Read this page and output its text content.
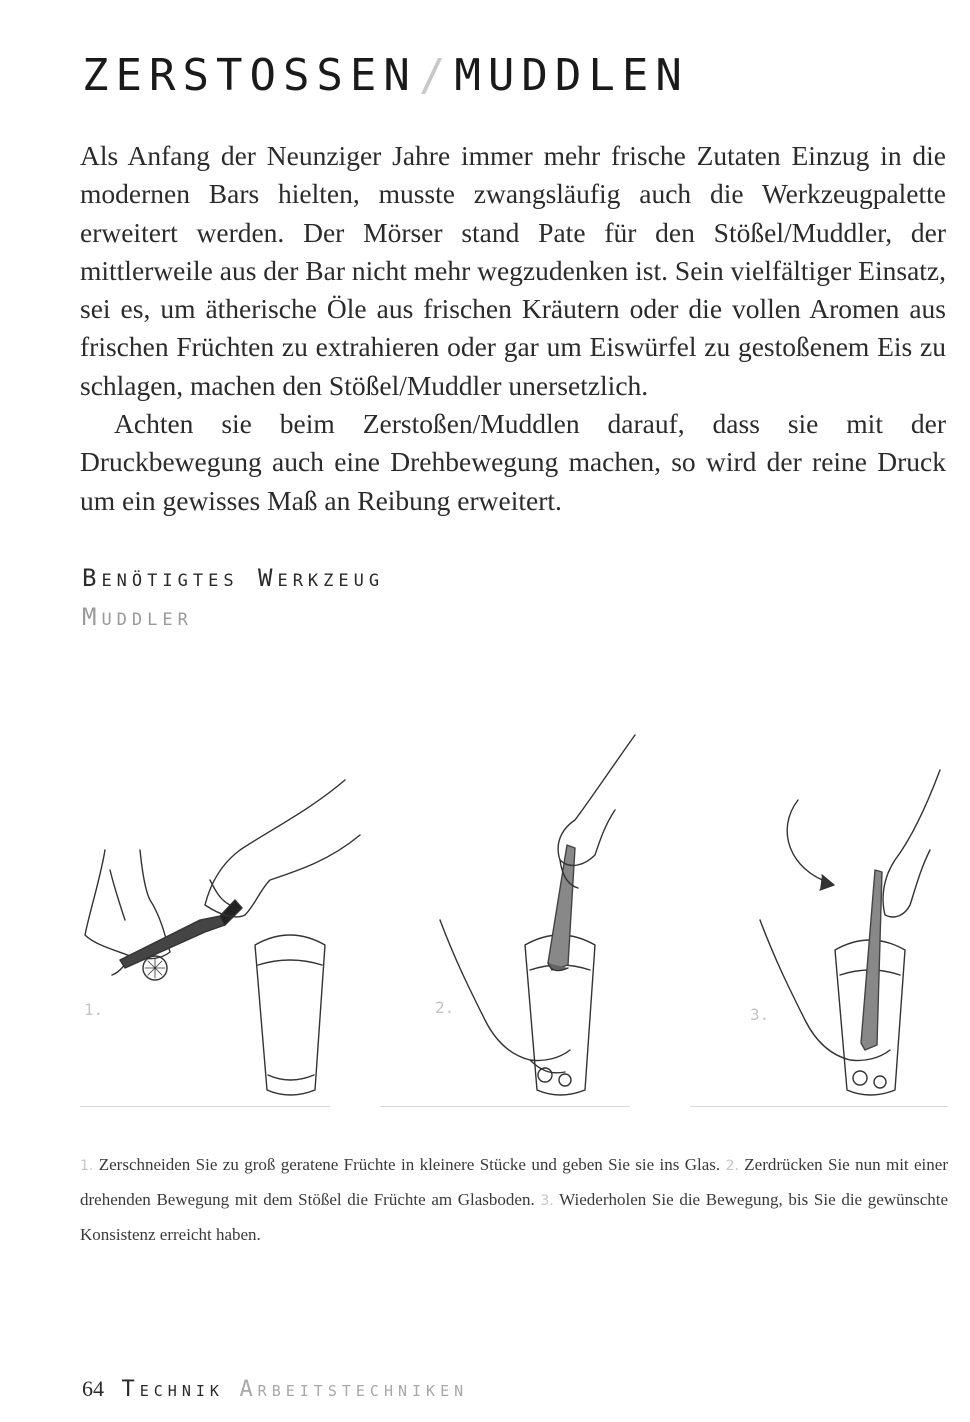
ZERSTOSSEN/MUDDLEN

Als Anfang der Neunziger Jahre immer mehr frische Zutaten Einzug in die modernen Bars hielten, musste zwangsläufig auch die Werkzeugpalette erweitert werden. Der Mörser stand Pate für den Stößel/Muddler, der mittlerweile aus der Bar nicht mehr wegzudenken ist. Sein vielfältiger Einsatz, sei es, um ätherische Öle aus frischen Kräutern oder die vollen Aromen aus frischen Früchten zu extrahieren oder gar um Eiswürfel zu gestoßenem Eis zu schlagen, machen den Stößel/Muddler unersetzlich.

Achten sie beim Zerstoßen/Muddlen darauf, dass sie mit der Druckbewegung auch eine Drehbewegung machen, so wird der reine Druck um ein gewisses Maß an Reibung erweitert.

Benötigtes Werkzeug
Muddler
1.	2.	3.
1. Zerschneiden Sie zu groß geratene Früchte in kleinere Stücke und geben Sie sie ins Glas. 2. Zerdrücken Sie nun mit einer drehenden Bewegung mit dem Stößel die Früchte am Glasboden. 3. Wiederholen Sie die Bewegung, bis Sie die gewünschte Konsistenz erreicht haben.
64 Technik Arbeitstechniken
